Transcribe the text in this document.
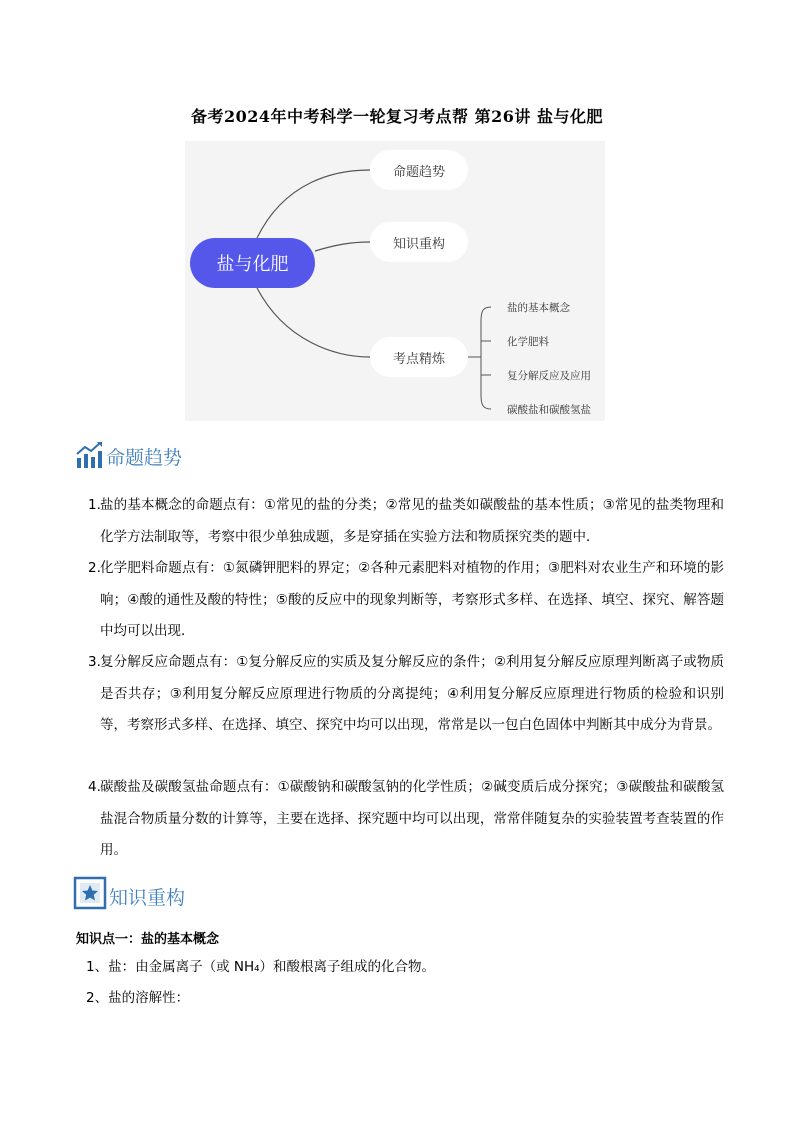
备考2024年中考科学一轮复习考点帮 第26讲 盐与化肥
盐与化肥
命题趋势
知识重构
考点精炼
盐的基本概念
化学肥料
复分解反应及应用
碳酸盐和碳酸氢盐
命题趋势
1. 盐的基本概念的命题点有：①常见的盐的分类；②常见的盐类如碳酸盐的基本性质；③常见的盐类物理和化学方法制取等，考察中很少单独成题，多是穿插在实验方法和物质探究类的题中．
2. 化学肥料命题点有：①氮磷钾肥料的界定；②各种元素肥料对植物的作用；③肥料对农业生产和环境的影响；④酸的通性及酸的特性；⑤酸的反应中的现象判断等，考察形式多样、在选择、填空、探究、解答题中均可以出现．
3. 复分解反应命题点有：①复分解反应的实质及复分解反应的条件；②利用复分解反应原理判断离子或物质是否共存；③利用复分解反应原理进行物质的分离提纯；④利用复分解反应原理进行物质的检验和识别等，考察形式多样、在选择、填空、探究中均可以出现，常常是以一包白色固体中判断其中成分为背景。
4. 碳酸盐及碳酸氢盐命题点有：①碳酸钠和碳酸氢钠的化学性质；②碱变质后成分探究；③碳酸盐和碳酸氢盐混合物质量分数的计算等，主要在选择、探究题中均可以出现，常常伴随复杂的实验装置考查装置的作用。
知识重构
知识点一：盐的基本概念
1、盐：由金属离子（或 NH₄）和酸根离子组成的化合物。
2、盐的溶解性：
